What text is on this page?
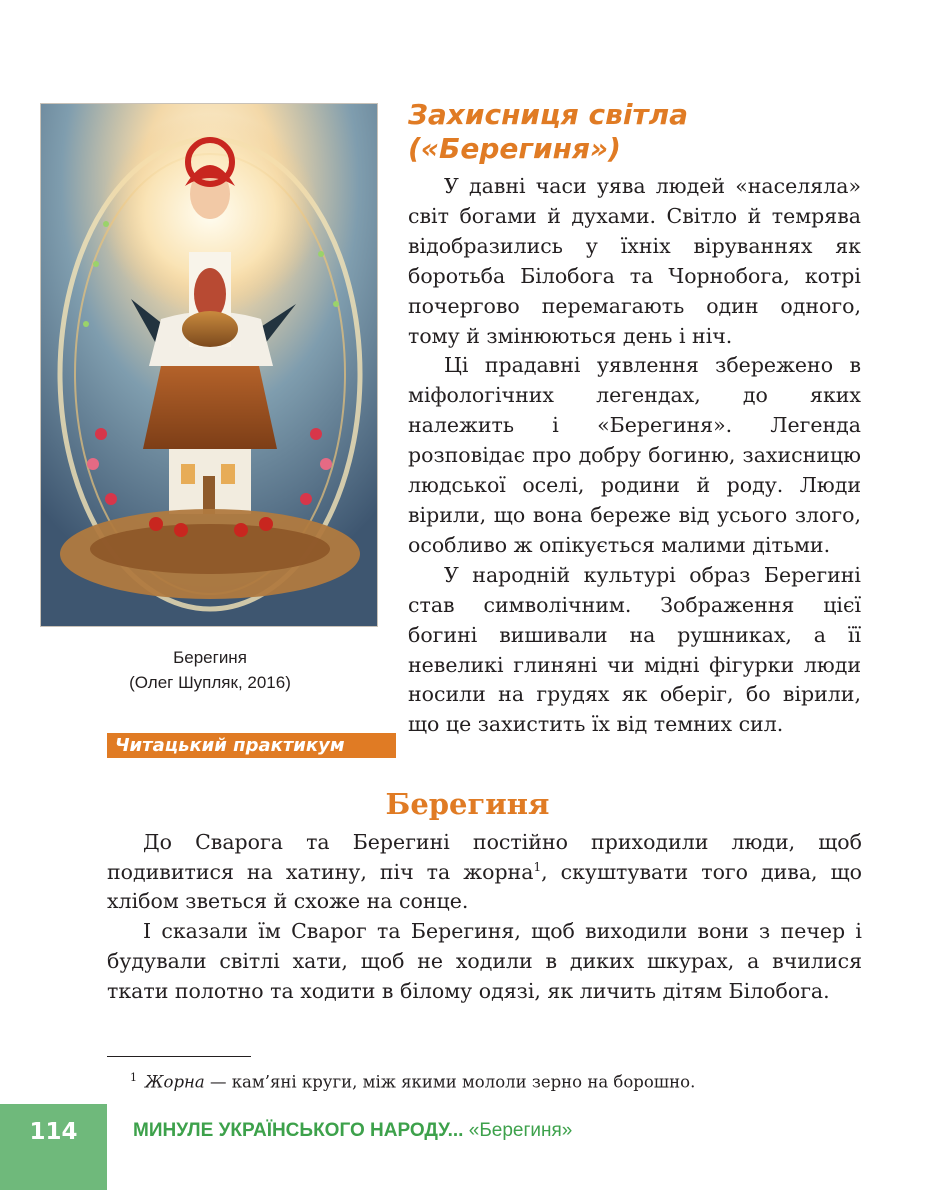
Берегиня
(Олег Шупляк, 2016)
Захисниця світла
(«Берегиня»)

У давні часи уява людей «населяла» світ богами й духами. Світло й темрява відобразились у їхніх віруваннях як боротьба Білобога та Чорнобога, котрі почергово перемагають один одного, тому й змінюються день і ніч.

Ці прадавні уявлення збережено в міфологічних легендах, до яких належить і «Берегиня». Легенда розповідає про добру богиню, захисницю людської оселі, родини й роду. Люди вірили, що вона береже від усього злого, особливо ж опікується малими дітьми.

У народній культурі образ Берегині став символічним. Зображення цієї богині вишивали на рушниках, а її невеликі глиняні чи мідні фігурки люди носили на грудях як оберіг, бо вірили, що це захистить їх від темних сил.

Читацький практикум
Берегиня

До Сварога та Берегині постійно приходили люди, щоб подивитися на хатину, піч та жорна$^1$, скуштувати того дива, що хлібом зветься й схоже на сонце.

І сказали їм Сварог та Берегиня, щоб виходили вони з печер і будували світлі хати, щоб не ходили в диких шкурах, а вчилися ткати полотно та ходити в білому одязі, як личить дітям Білобога.

$^1$ Жорна — кам’яні круги, між якими мололи зерно на борошно.
114	МИНУЛЕ УКРАЇНСЬКОГО НАРОДУ... «Берегиня»
